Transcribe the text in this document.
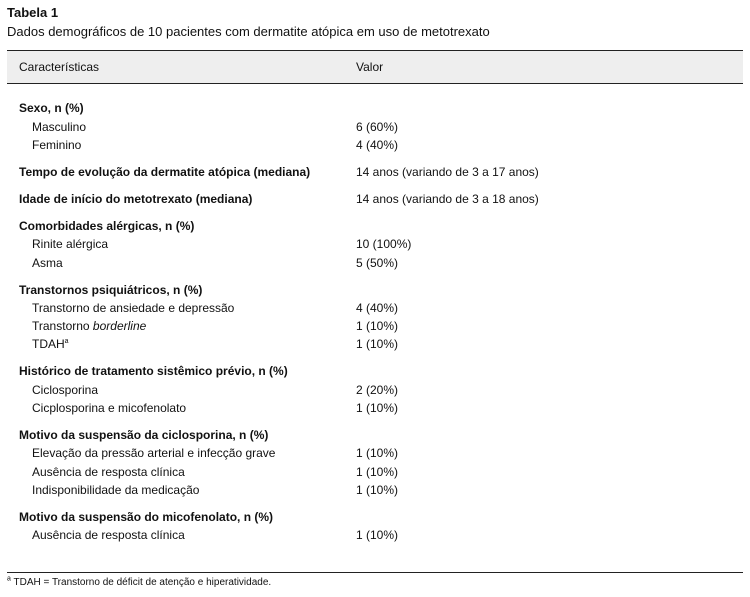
Tabela 1
Dados demográficos de 10 pacientes com dermatite atópica em uso de metotrexato
Características	Valor
Sexo, n (%)
Masculino	6 (60%)
Feminino	4 (40%)
Tempo de evolução da dermatite atópica (mediana)	14 anos (variando de 3 a 17 anos)
Idade de início do metotrexato (mediana)	14 anos (variando de 3 a 18 anos)
Comorbidades alérgicas, n (%)
Rinite alérgica	10 (100%)
Asma	5 (50%)
Transtornos psiquiátricos, n (%)
Transtorno de ansiedade e depressão	4 (40%)
Transtorno borderline	1 (10%)
TDAH$^a$	1 (10%)
Histórico de tratamento sistêmico prévio, n (%)
Ciclosporina	2 (20%)
Cicplosporina e micofenolato	1 (10%)
Motivo da suspensão da ciclosporina, n (%)
Elevação da pressão arterial e infecção grave	1 (10%)
Ausência de resposta clínica	1 (10%)
Indisponibilidade da medicação	1 (10%)
Motivo da suspensão do micofenolato, n (%)
Ausência de resposta clínica	1 (10%)
$^a$ TDAH = Transtorno de déficit de atenção e hiperatividade.
